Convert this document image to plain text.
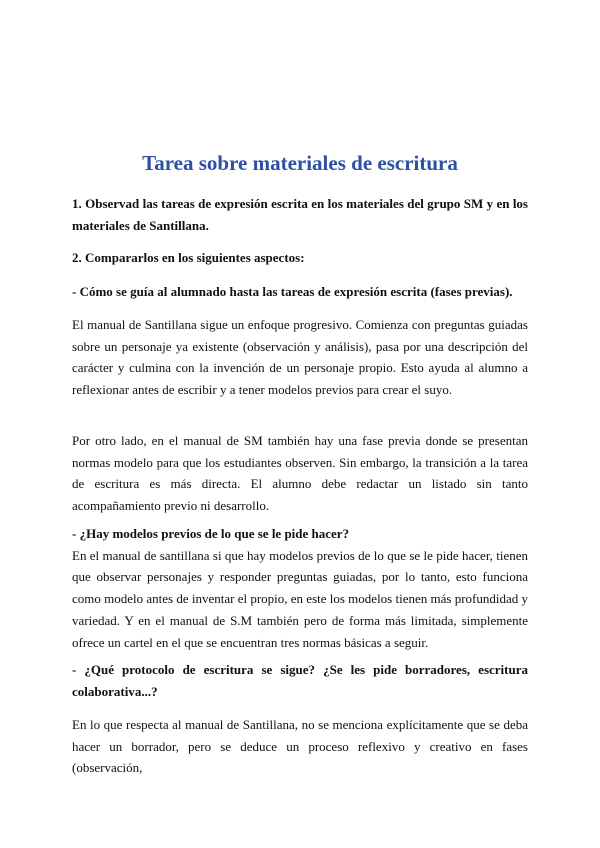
Tarea sobre materiales de escritura

1. Observad las tareas de expresión escrita en los materiales del grupo SM y en los materiales de Santillana.

2. Compararlos en los siguientes aspectos:

- Cómo se guía al alumnado hasta las tareas de expresión escrita (fases previas).

El manual de Santillana sigue un enfoque progresivo. Comienza con preguntas guiadas sobre un personaje ya existente (observación y análisis), pasa por una descripción del carácter y culmina con la invención de un personaje propio. Esto ayuda al alumno a reflexionar antes de escribir y a tener modelos previos para crear el suyo.

Por otro lado, en el manual de SM también hay una fase previa donde se presentan normas modelo para que los estudiantes observen. Sin embargo, la transición a la tarea de escritura es más directa. El alumno debe redactar un listado sin tanto acompañamiento previo ni desarrollo.

- ¿Hay modelos previos de lo que se le pide hacer?

En el manual de santillana si que hay modelos previos de lo que se le pide hacer, tienen que observar personajes y responder preguntas guiadas, por lo tanto, esto funciona como modelo antes de inventar el propio, en este los modelos tienen más profundidad y variedad. Y en el manual de S.M también pero de forma más limitada, simplemente ofrece un cartel en el que se encuentran tres normas básicas a seguir.

- ¿Qué protocolo de escritura se sigue? ¿Se les pide borradores, escritura colaborativa...?

En lo que respecta al manual de Santillana, no se menciona explícitamente que se deba hacer un borrador, pero se deduce un proceso reflexivo y creativo en fases (observación,
